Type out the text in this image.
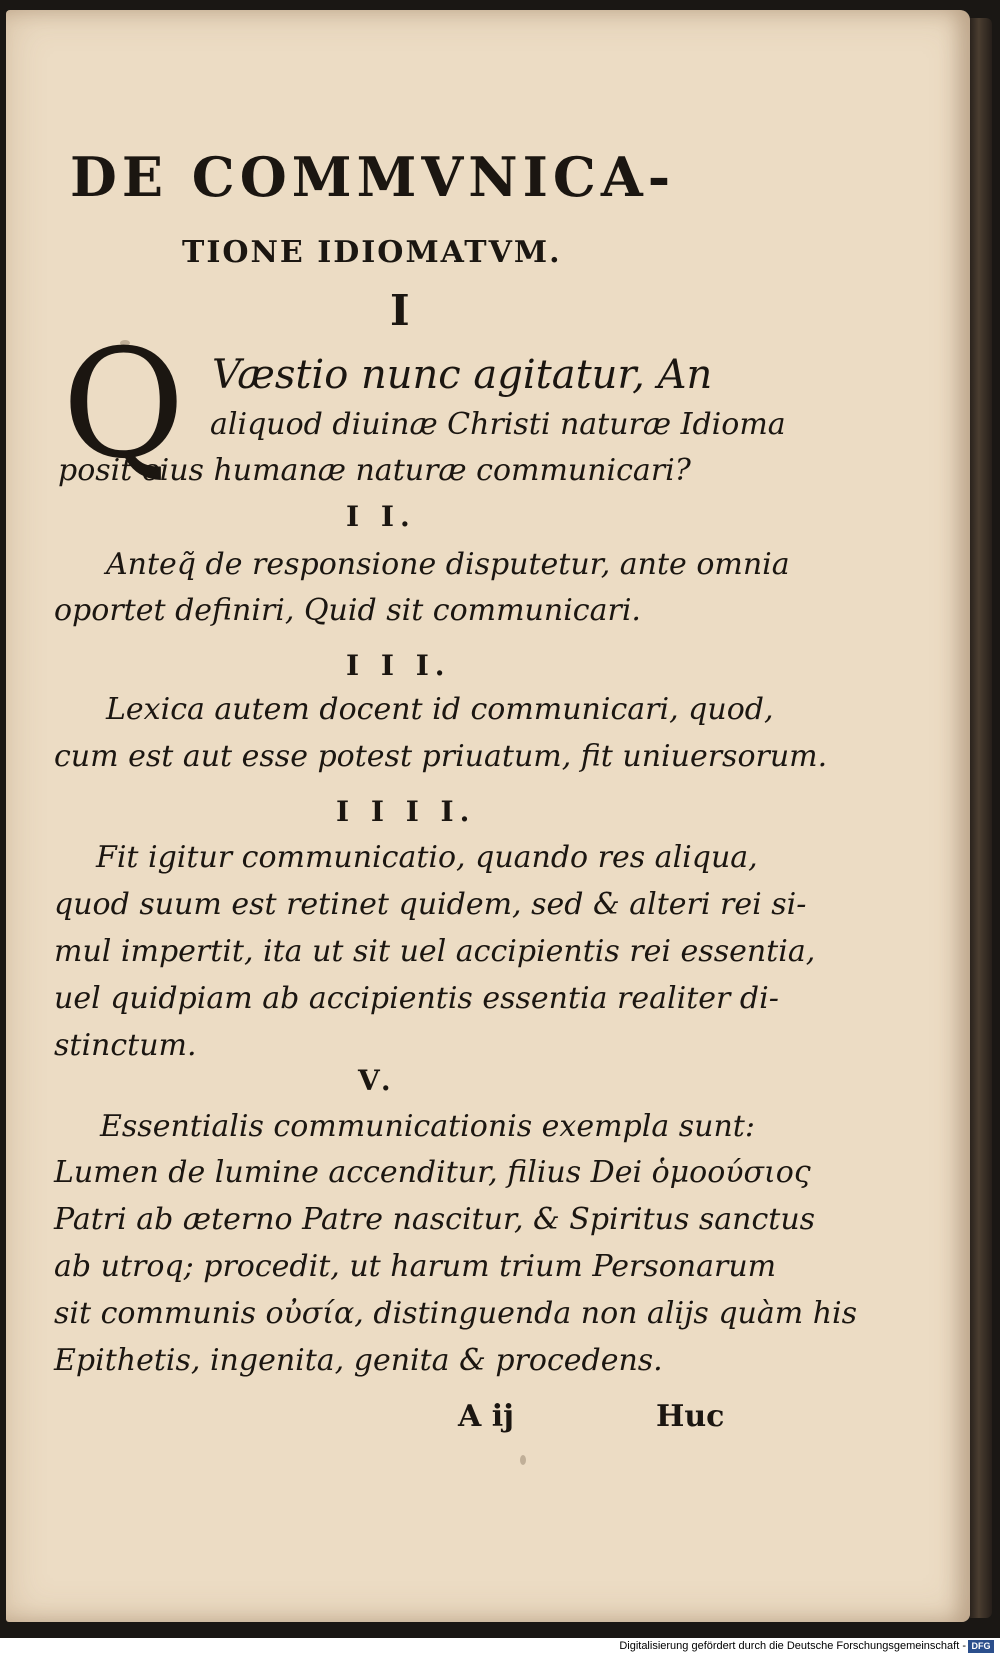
DE COMMVNICA-
TIONE IDIOMATVM.
I
Q Væstio nunc agitatur, An
aliquod diuinæ Christi naturæ Idioma
posit eius humanæ naturæ communicari?
I I.
Anteq̃ de responsione disputetur, ante omnia
oportet definiri, Quid sit communicari.
I I I.
Lexica autem docent id communicari, quod,
cum est aut esse potest priuatum, fit uniuersorum.
I I I I.
Fit igitur communicatio, quando res aliqua,
quod suum est retinet quidem, sed & alteri rei si-
mul impertit, ita ut sit uel accipientis rei essentia,
uel quidpiam ab accipientis essentia realiter di-
stinctum.
V.
Essentialis communicationis exempla sunt:
Lumen de lumine accenditur, filius Dei ὁμοούσιος
Patri ab æterno Patre nascitur, & Spiritus sanctus
ab utroq; procedit, ut harum trium Personarum
sit communis οὐσία, distinguenda non alijs quàm his
Epithetis, ingenita, genita & procedens.
A ij	Huc
Digitalisierung gefördert durch die Deutsche Forschungsgemeinschaft - DFG
